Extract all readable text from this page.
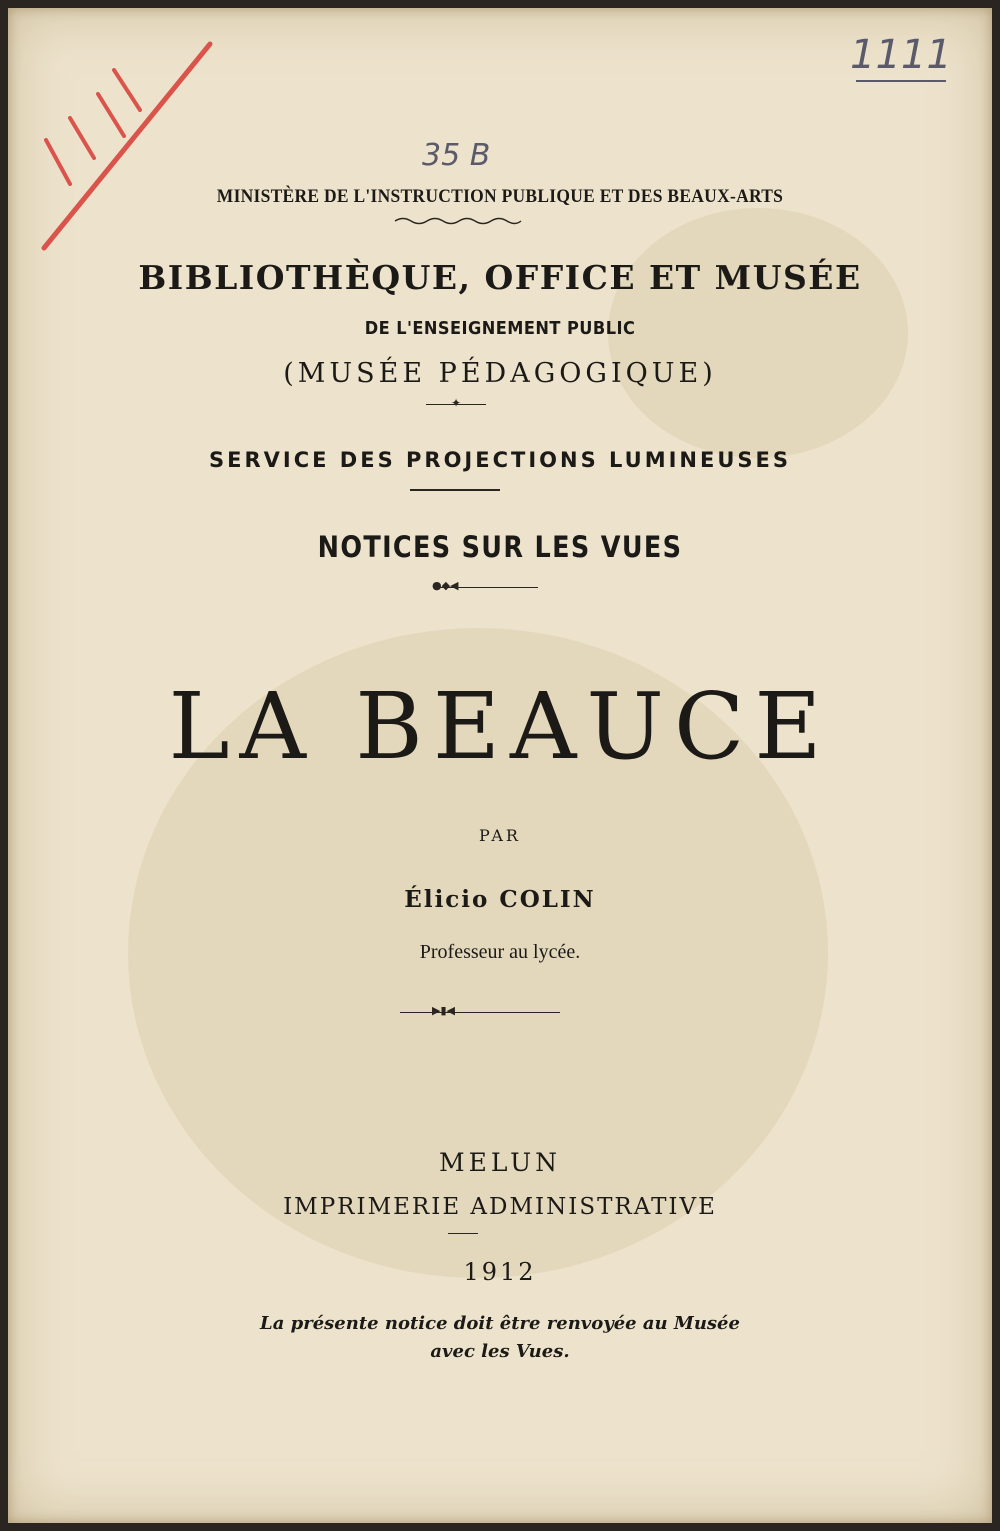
1111
35 B
MINISTÈRE DE L'INSTRUCTION PUBLIQUE ET DES BEAUX-ARTS
BIBLIOTHÈQUE, OFFICE ET MUSÉE
DE L'ENSEIGNEMENT PUBLIC
(MUSÉE PÉDAGOGIQUE)
✦
SERVICE DES PROJECTIONS LUMINEUSES
NOTICES SUR LES VUES
●◆◀
LA BEAUCE
PAR
Élicio COLIN
Professeur au lycée.
▶▮◀
MELUN
IMPRIMERIE ADMINISTRATIVE
1912
La présente notice doit être renvoyée au Musée
avec les Vues.
